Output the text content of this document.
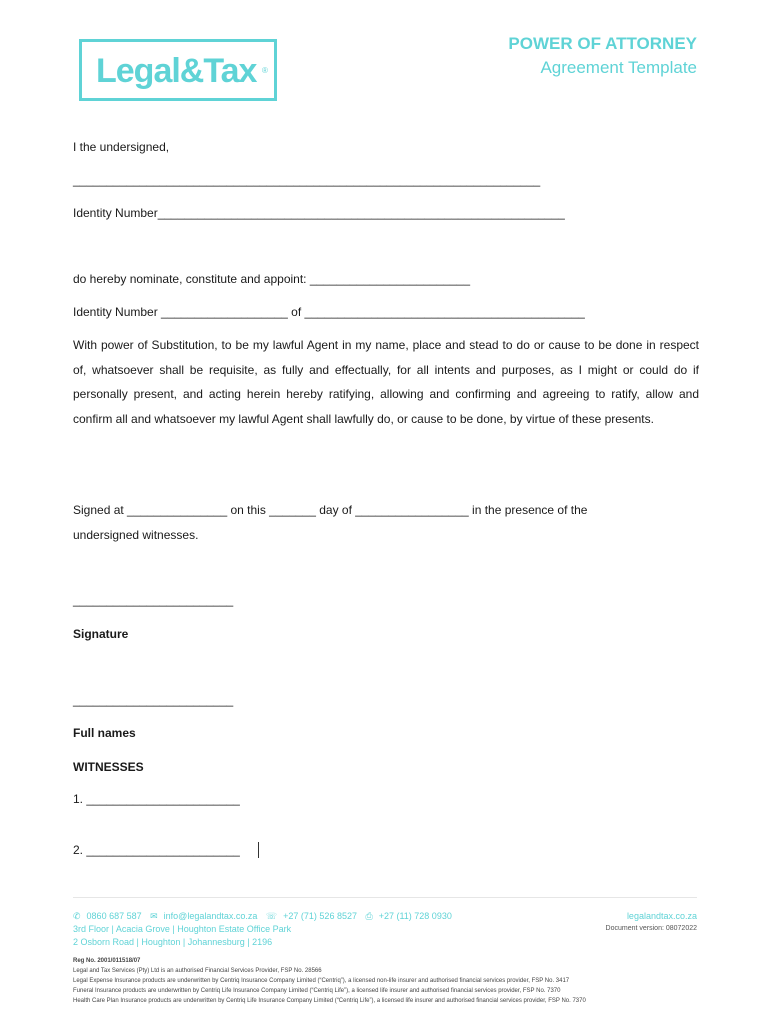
Legal&Tax ®
POWER OF ATTORNEY
Agreement Template
I the undersigned,
______________________________________________________________________
Identity Number_____________________________________________________________
do hereby nominate, constitute and appoint: ________________________
Identity Number ___________________ of __________________________________________
With power of Substitution, to be my lawful Agent in my name, place and stead to do or cause to be done in respect of, whatsoever shall be requisite, as fully and effectually, for all intents and purposes, as I might or could do if personally present, and acting herein hereby ratifying, allowing and confirming and agreeing to ratify, allow and confirm all and whatsoever my lawful Agent shall lawfully do, or cause to be done, by virtue of these presents.
Signed at _______________ on this _______ day of _________________ in the presence of the
undersigned witnesses.
________________________
Signature
________________________
Full names
WITNESSES
1. _______________________
2. _______________________
✆ 0860 687 587 ✉ info@legalandtax.co.za ☏ +27 (71) 526 8527 ⎙ +27 (11) 728 0930
3rd Floor | Acacia Grove | Houghton Estate Office Park
2 Osborn Road | Houghton | Johannesburg | 2196
legalandtax.co.za
Document version: 08072022
Reg No. 2001/011518/07
Legal and Tax Services (Pty) Ltd is an authorised Financial Services Provider, FSP No. 28566
Legal Expense Insurance products are underwritten by Centriq Insurance Company Limited (“Centriq”), a licensed non-life insurer and authorised financial services provider, FSP No. 3417
Funeral Insurance products are underwritten by Centriq Life Insurance Company Limited (“Centriq Life”), a licensed life insurer and authorised financial services provider, FSP No. 7370
Health Care Plan Insurance products are underwritten by Centriq Life Insurance Company Limited (“Centriq Life”), a licensed life insurer and authorised financial services provider, FSP No. 7370
